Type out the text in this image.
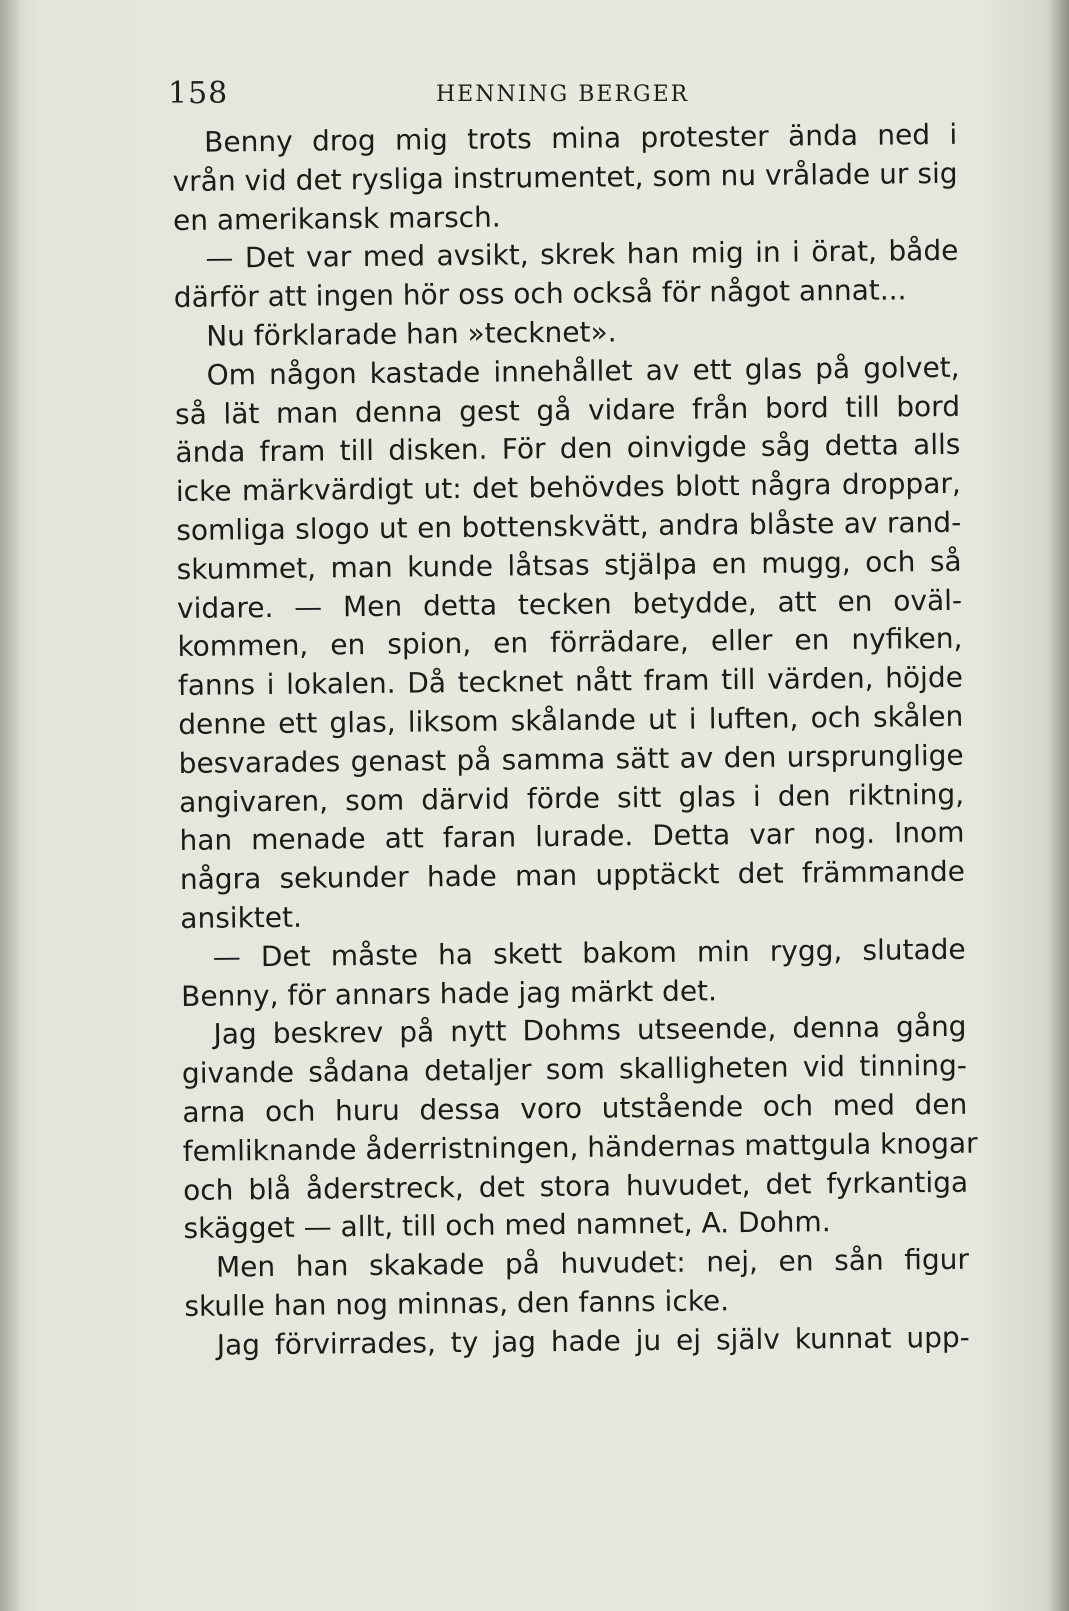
158	HENNING BERGER
Benny drog mig trots mina protester ända ned i
vrån vid det rysliga instrumentet, som nu vrålade ur sig
en amerikansk marsch.
— Det var med avsikt, skrek han mig in i örat, både
därför att ingen hör oss och också för något annat...
Nu förklarade han »tecknet».
Om någon kastade innehållet av ett glas på golvet,
så lät man denna gest gå vidare från bord till bord
ända fram till disken. För den oinvigde såg detta alls
icke märkvärdigt ut: det behövdes blott några droppar,
somliga slogo ut en bottenskvätt, andra blåste av rand-
skummet, man kunde låtsas stjälpa en mugg, och så
vidare. — Men detta tecken betydde, att en oväl-
kommen, en spion, en förrädare, eller en nyfiken,
fanns i lokalen. Då tecknet nått fram till värden, höjde
denne ett glas, liksom skålande ut i luften, och skålen
besvarades genast på samma sätt av den ursprunglige
angivaren, som därvid förde sitt glas i den riktning,
han menade att faran lurade. Detta var nog. Inom
några sekunder hade man upptäckt det främmande
ansiktet.
— Det måste ha skett bakom min rygg, slutade
Benny, för annars hade jag märkt det.
Jag beskrev på nytt Dohms utseende, denna gång
givande sådana detaljer som skalligheten vid tinning-
arna och huru dessa voro utstående och med den
femliknande åderristningen, händernas mattgula knogar
och blå åderstreck, det stora huvudet, det fyrkantiga
skägget — allt, till och med namnet, A. Dohm.
Men han skakade på huvudet: nej, en sån figur
skulle han nog minnas, den fanns icke.
Jag förvirrades, ty jag hade ju ej själv kunnat upp-
